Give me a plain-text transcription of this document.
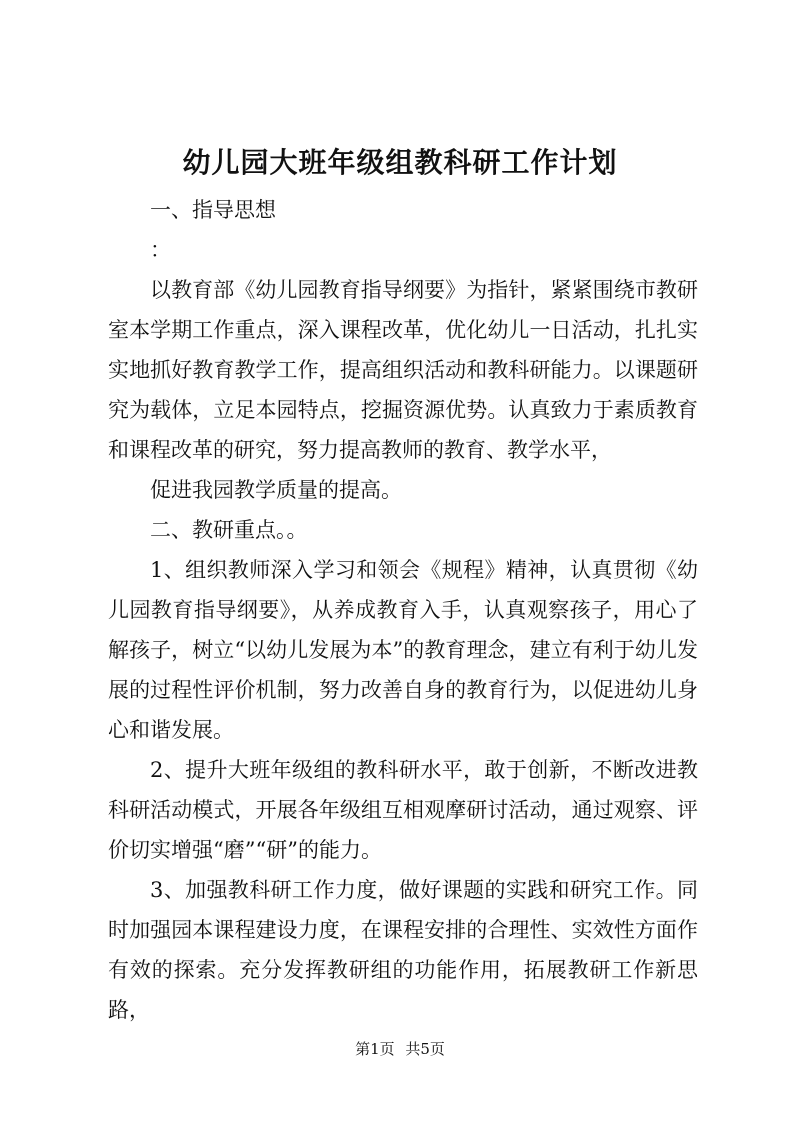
幼儿园大班年级组教科研工作计划

一、指导思想

：

以教育部《幼儿园教育指导纲要》为指针，紧紧围绕市教研室本学期工作重点，深入课程改革，优化幼儿一日活动，扎扎实实地抓好教育教学工作，提高组织活动和教科研能力。以课题研究为载体，立足本园特点，挖掘资源优势。认真致力于素质教育和课程改革的研究，努力提高教师的教育、教学水平，

促进我园教学质量的提高。

二、教研重点。。

1、组织教师深入学习和领会《规程》精神，认真贯彻《幼儿园教育指导纲要》，从养成教育入手，认真观察孩子，用心了解孩子，树立“以幼儿发展为本”的教育理念，建立有利于幼儿发展的过程性评价机制，努力改善自身的教育行为，以促进幼儿身心和谐发展。

2、提升大班年级组的教科研水平，敢于创新，不断改进教科研活动模式，开展各年级组互相观摩研讨活动，通过观察、评价切实增强“磨”“研”的能力。

3、加强教科研工作力度，做好课题的实践和研究工作。同时加强园本课程建设力度，在课程安排的合理性、实效性方面作有效的探索。充分发挥教研组的功能作用，拓展教研工作新思路，

第1页 共5页
